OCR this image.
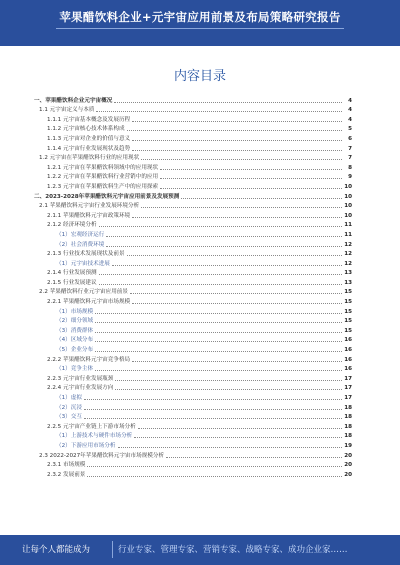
苹果醋饮料企业+元宇宙应用前景及布局策略研究报告
内容目录
一、苹果醋饮料企业元宇宙概况	4
1.1 元宇宙定义与本质	4
1.1.1 元宇宙基本概念及发展历程	4
1.1.2 元宇宙核心技术体系构成	5
1.1.3 元宇宙对企业的价值与意义	6
1.1.4 元宇宙行业发展现状及趋势	7
1.2 元宇宙在苹果醋饮料行业的应用现状	7
1.2.1 元宇宙在苹果醋饮料领域中的应用现状	8
1.2.2 元宇宙在苹果醋饮料行业营销中的应用	9
1.2.3 元宇宙在苹果醋饮料生产中的应用探索	10
二、2023-2028年苹果醋饮料元宇宙应用前景及发展预测	10
2.1 苹果醋饮料元宇宙行业发展环境分析	10
2.1.1 苹果醋饮料元宇宙政策环境	10
2.1.2 经济环境分析	11
（1）宏观经济运行	11
（2）社会消费环境	12
2.1.3 行业技术发展现状及前景	12
（1）元宇宙技术进展	12
2.1.4 行业发展预测	13
2.1.5 行业发展建议	13
2.2 苹果醋饮料行业元宇宙应用前景	15
2.2.1 苹果醋饮料元宇宙市场规模	15
（1）市场规模	15
（2）细分领域	15
（3）消费群体	15
（4）区域分布	16
（5）企业分布	16
2.2.2 苹果醋饮料元宇宙竞争格局	16
（1）竞争主体	16
2.2.3 元宇宙行业发展瓶颈	17
2.2.4 元宇宙行业发展方向	17
（1）虚拟	17
（2）沉浸	18
（3）交互	18
2.2.5 元宇宙产业链上下游市场分析	18
（1）上游技术与硬件市场分析	18
（2）下游应用市场分析	19
2.3 2022-2027年苹果醋饮料元宇宙市场规模分析	20
2.3.1 市场规模	20
2.3.2 发展前景	20
让每个人都能成为	行业专家、管理专家、营销专家、战略专家、成功企业家……
